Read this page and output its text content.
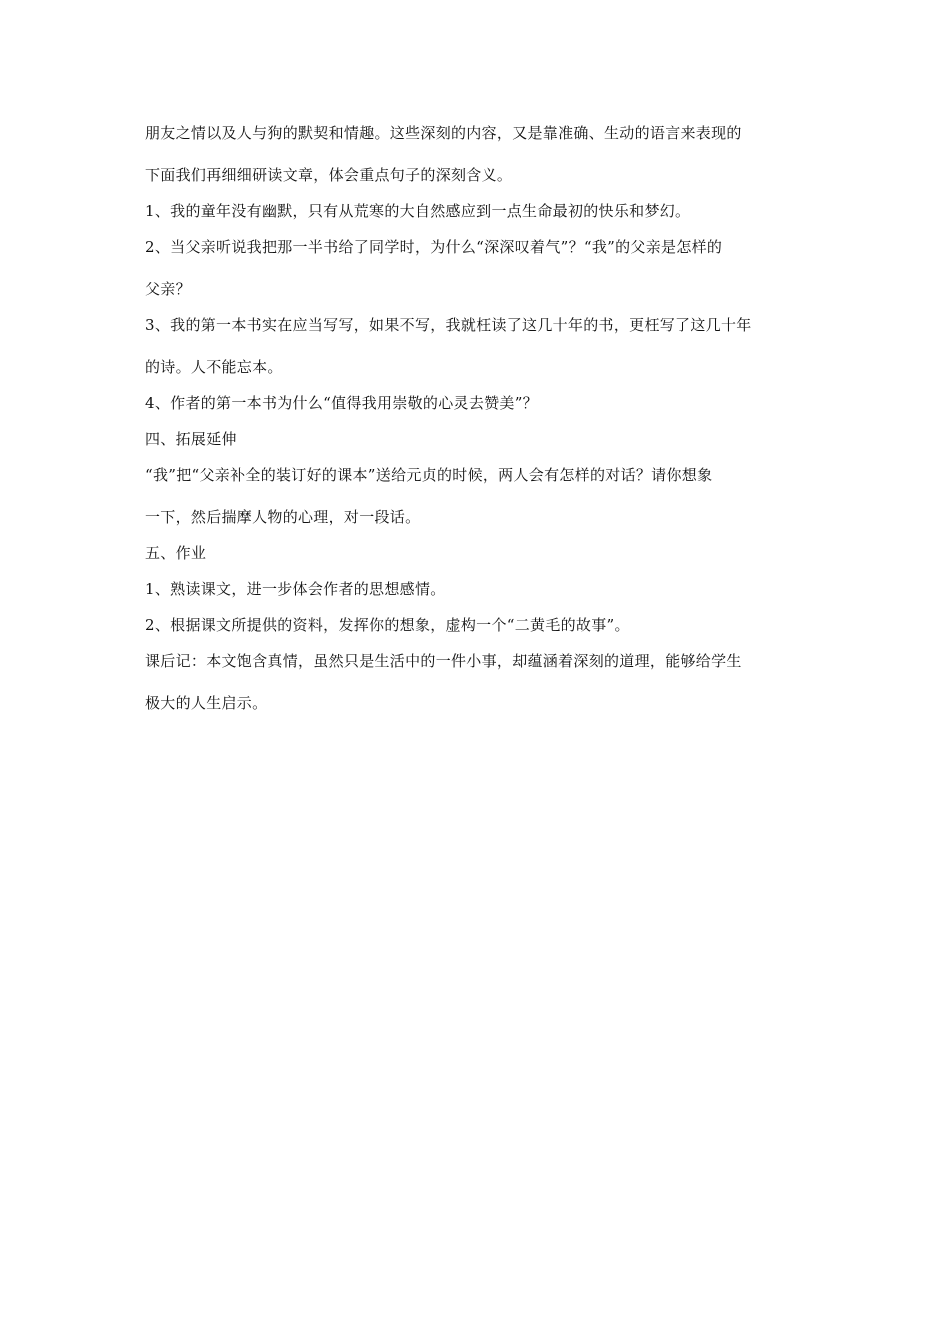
朋友之情以及人与狗的默契和情趣。这些深刻的内容，又是靠准确、生动的语言来表现的
下面我们再细细研读文章，体会重点句子的深刻含义。
1、我的童年没有幽默，只有从荒寒的大自然感应到一点生命最初的快乐和梦幻。
2、当父亲听说我把那一半书给了同学时，为什么“深深叹着气”？“我”的父亲是怎样的
父亲？
3、我的第一本书实在应当写写，如果不写，我就枉读了这几十年的书，更枉写了这几十年
的诗。人不能忘本。
4、作者的第一本书为什么“值得我用崇敬的心灵去赞美”？
四、拓展延伸
“我”把“父亲补全的装订好的课本”送给元贞的时候，两人会有怎样的对话？请你想象
一下，然后揣摩人物的心理，对一段话。
五、作业
1、熟读课文，进一步体会作者的思想感情。
2、根据课文所提供的资料，发挥你的想象，虚构一个“二黄毛的故事”。
课后记：本文饱含真情，虽然只是生活中的一件小事，却蕴涵着深刻的道理，能够给学生
极大的人生启示。
